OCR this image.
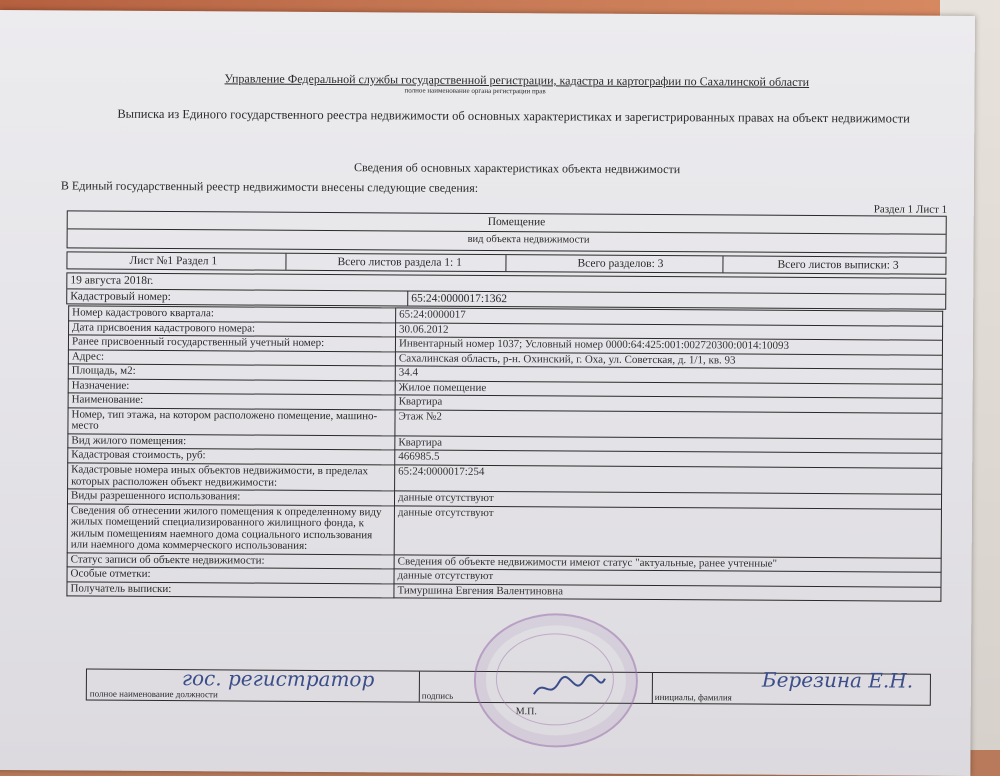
Управление Федеральной службы государственной регистрации, кадастра и картографии по Сахалинской области
полное наименование органа регистрации прав
Выписка из Единого государственного реестра недвижимости об основных характеристиках и зарегистрированных правах на объект недвижимости
Сведения об основных характеристиках объекта недвижимости
В Единый государственный реестр недвижимости внесены следующие сведения:
Раздел 1 Лист 1
Помещение
вид объекта недвижимости
Лист №1 Раздел 1	Всего листов раздела 1: 1	Всего разделов: 3	Всего листов выписки: 3
19 августа 2018г.
Кадастровый номер:	65:24:0000017:1362
Номер кадастрового квартала:	65:24:0000017
Дата присвоения кадастрового номера:	30.06.2012
Ранее присвоенный государственный учетный номер:	Инвентарный номер 1037; Условный номер 0000:64:425:001:002720300:0014:10093
Адрес:	Сахалинская область, р-н. Охинский, г. Оха, ул. Советская, д. 1/1, кв. 93
Площадь, м2:	34.4
Назначение:	Жилое помещение
Наименование:	Квартира
Номер, тип этажа, на котором расположено помещение, машино-место	Этаж №2
Вид жилого помещения:	Квартира
Кадастровая стоимость, руб:	466985.5
Кадастровые номера иных объектов недвижимости, в пределах которых расположен объект недвижимости:	65:24:0000017:254
Виды разрешенного использования:	данные отсутствуют
Сведения об отнесении жилого помещения к определенному виду жилых помещений специализированного жилищного фонда, к жилым помещениям наемного дома социального использования или наемного дома коммерческого использования:	данные отсутствуют
Статус записи об объекте недвижимости:	Сведения об объекте недвижимости имеют статус "актуальные, ранее учтенные"
Особые отметки:	данные отсутствуют
Получатель выписки:	Тимуршина Евгения Валентиновна
гос. регистратор
полное наименование должности	подпись
Березина Е.Н.
инициалы, фамилия
М.П.
